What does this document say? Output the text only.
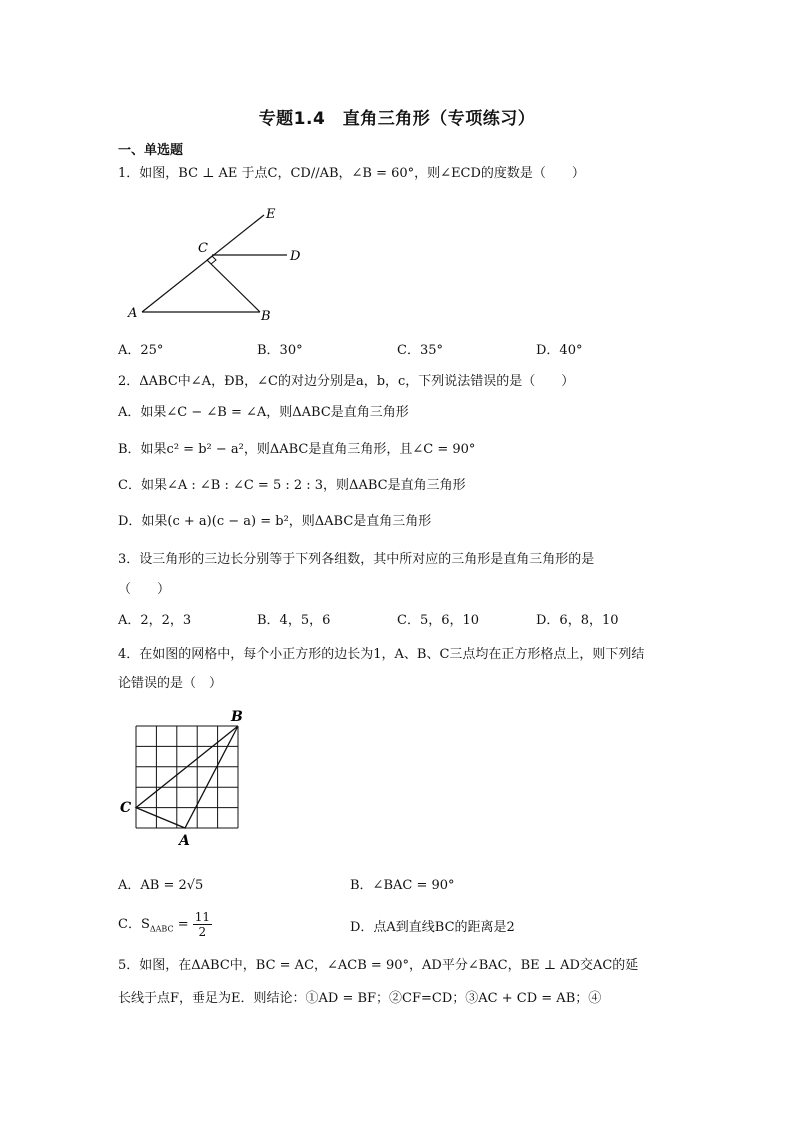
专题1.4　直角三角形（专项练习）
一、单选题
1．如图，BC ⊥ AE 于点C，CD//AB，∠B = 60°，则∠ECD的度数是（　　）
E
C
D
A	B
A．25°	B．30°	C．35°	D．40°
2．ΔABC中∠A，ÐB，∠C的对边分别是a，b，c，下列说法错误的是（　　）
A．如果∠C − ∠B = ∠A，则ΔABC是直角三角形
B．如果c² = b² − a²，则ΔABC是直角三角形，且∠C = 90°
C．如果∠A : ∠B : ∠C = 5 : 2 : 3，则ΔABC是直角三角形
D．如果(c + a)(c − a) = b²，则ΔABC是直角三角形
3．设三角形的三边长分别等于下列各组数，其中所对应的三角形是直角三角形的是
（　　）
A．2，2，3	B．4，5，6	C．5，6，10	D．6，8，10
4．在如图的网格中，每个小正方形的边长为1，A、B、C三点均在正方形格点上，则下列结
论错误的是（　）
B
C
A
A．AB = 2√5	B．∠BAC = 90°
C．$S_{\Delta ABC} = \frac{11}{2}$	D．点A到直线BC的距离是2
5．如图，在ΔABC中，BC = AC，∠ACB = 90°，AD平分∠BAC，BE ⊥ AD交AC的延
长线于点F，垂足为E．则结论：①AD = BF；②CF=CD；③AC + CD = AB；④
